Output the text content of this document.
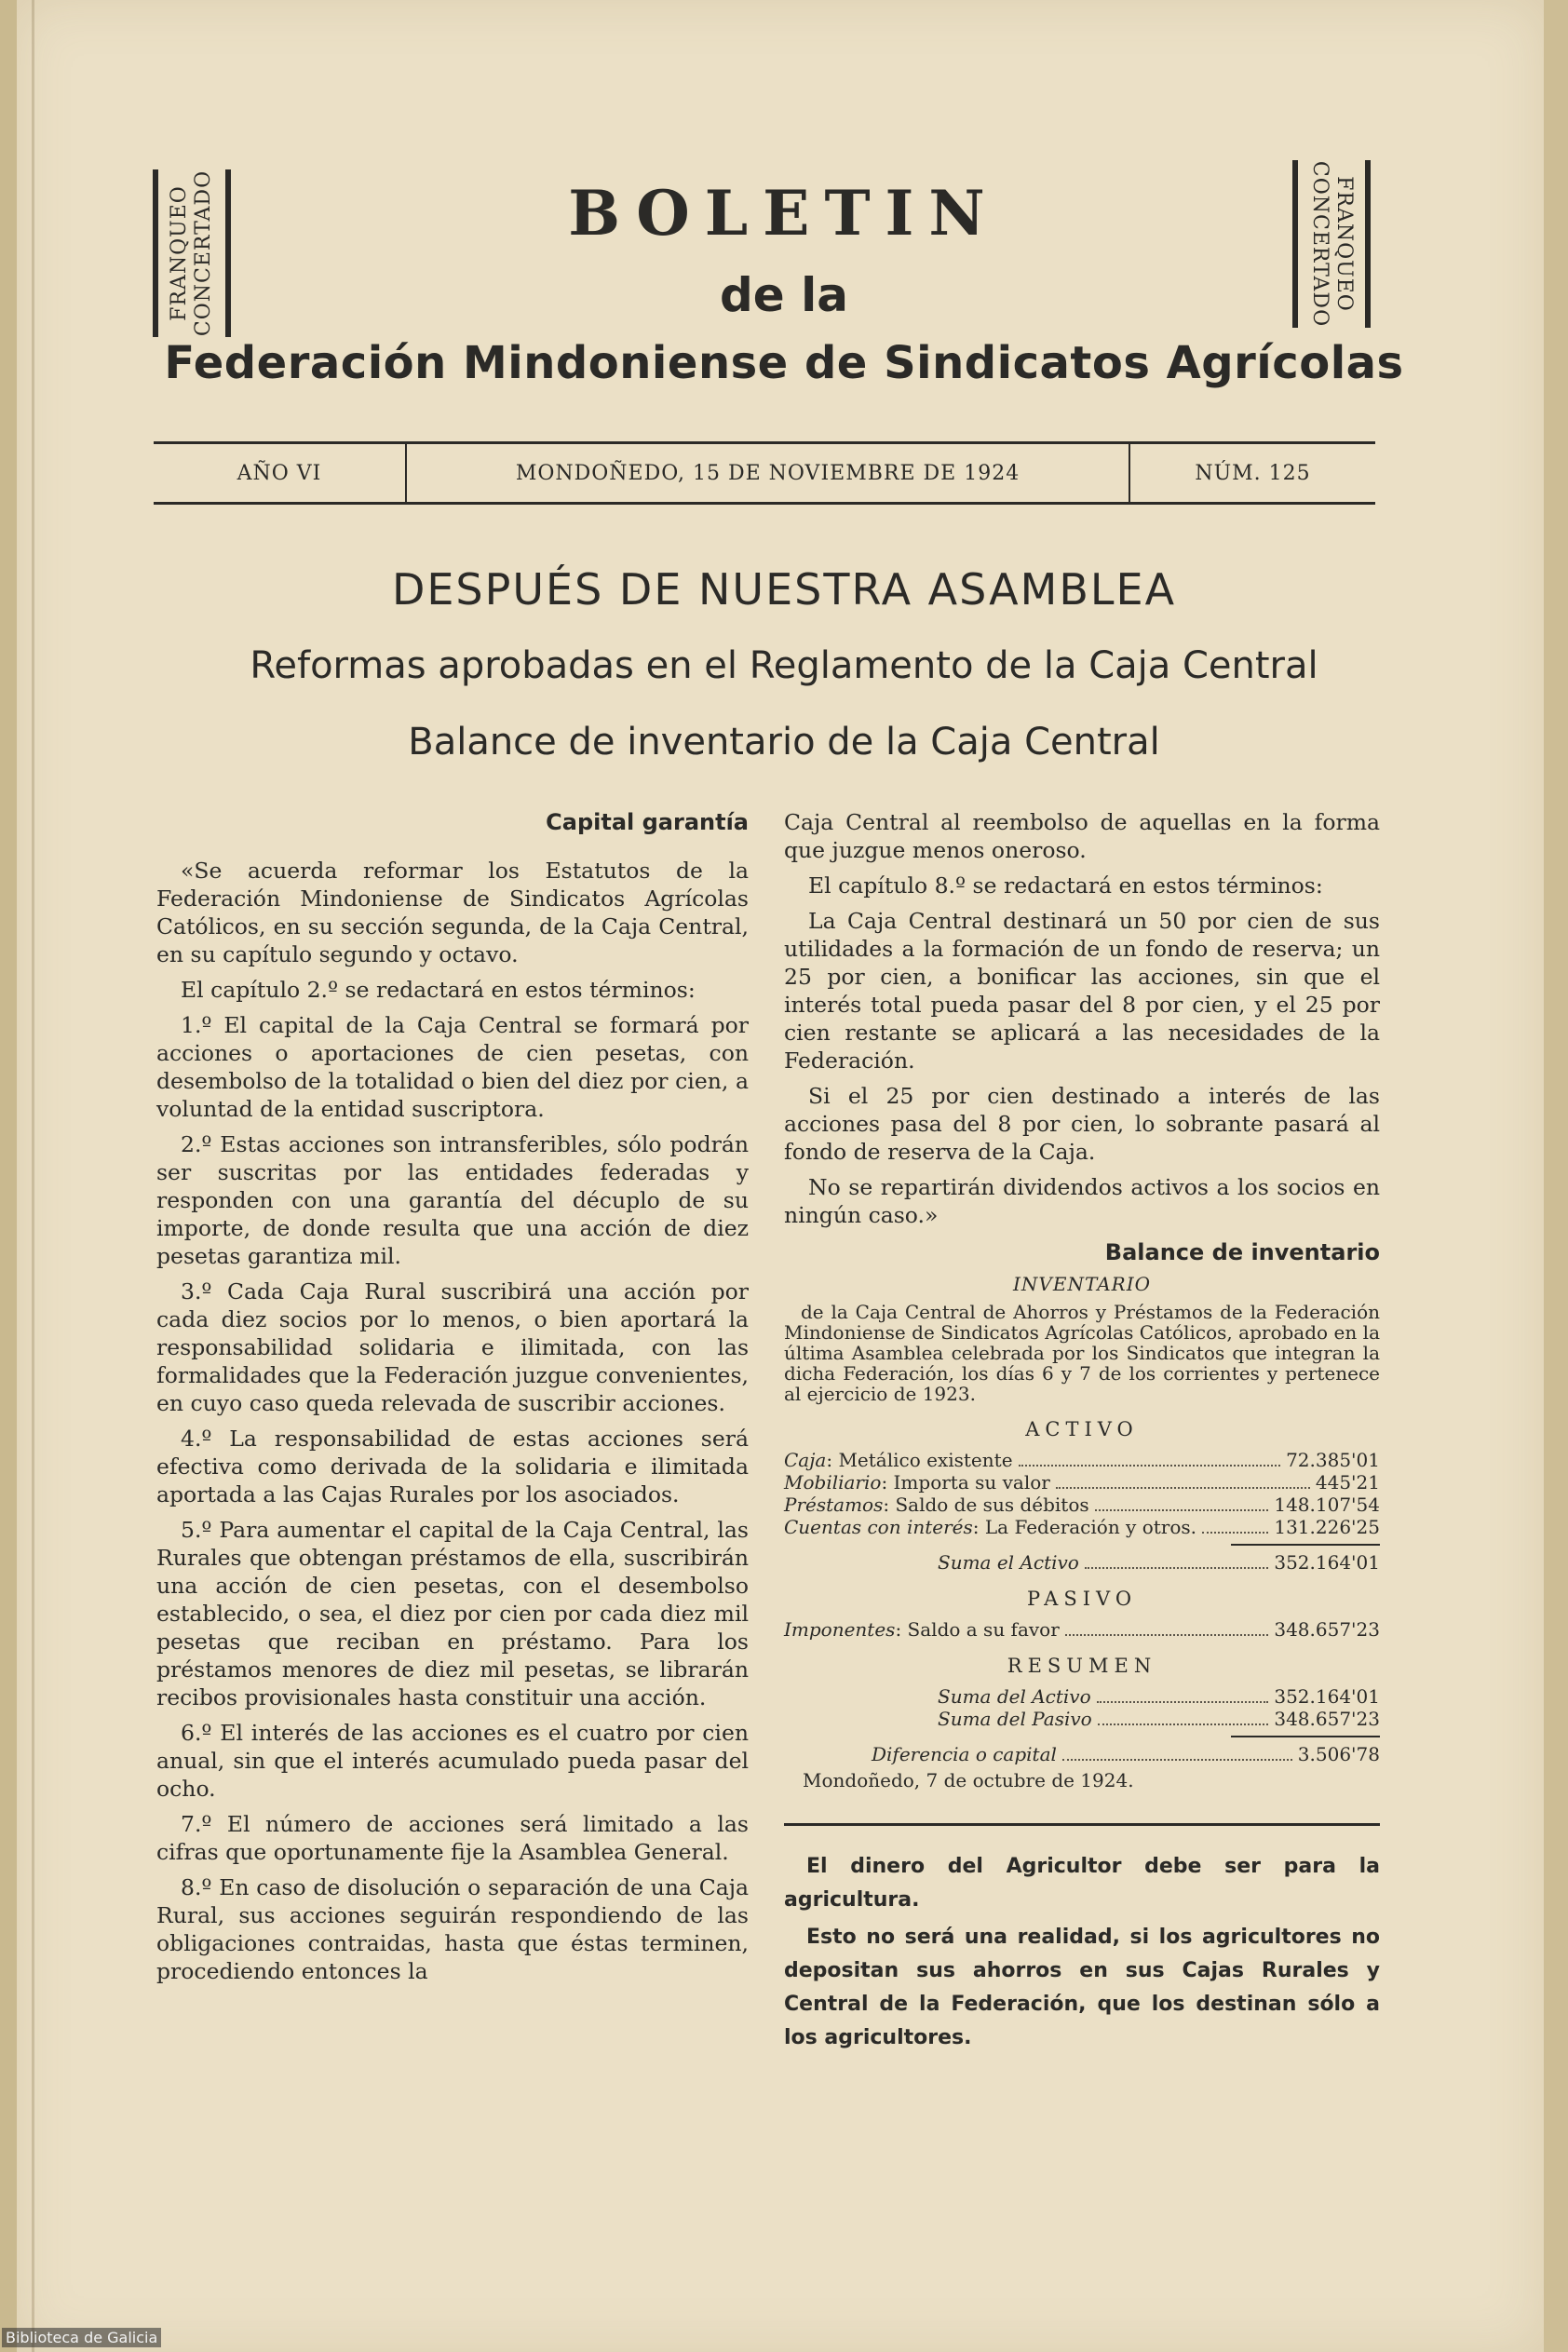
FRANQUEO CONCERTADO	FRANQUEO
CONCERTADO
BOLETIN
de la
Federación Mindoniense de Sindicatos Agrícolas
AÑO VI	MONDOÑEDO, 15 DE NOVIEMBRE DE 1924	NÚM. 125
DESPUÉS DE NUESTRA ASAMBLEA
Reformas aprobadas en el Reglamento de la Caja Central
Balance de inventario de la Caja Central
Capital garantía

«Se acuerda reformar los Estatutos de la Federación Mindoniense de Sindicatos Agrícolas Católicos, en su sección segunda, de la Caja Central, en su capítulo segundo y octavo.

El capítulo 2.º se redactará en estos términos:

1.º El capital de la Caja Central se formará por acciones o aportaciones de cien pesetas, con desembolso de la totalidad o bien del diez por cien, a voluntad de la entidad suscriptora.

2.º Estas acciones son intransferibles, sólo podrán ser suscritas por las entidades federadas y responden con una garantía del décuplo de su importe, de donde resulta que una acción de diez pesetas garantiza mil.

3.º Cada Caja Rural suscribirá una acción por cada diez socios por lo menos, o bien aportará la responsabilidad solidaria e ilimitada, con las formalidades que la Federación juzgue convenientes, en cuyo caso queda relevada de suscribir acciones.

4.º La responsabilidad de estas acciones será efectiva como derivada de la solidaria e ilimitada aportada a las Cajas Rurales por los asociados.

5.º Para aumentar el capital de la Caja Central, las Rurales que obtengan préstamos de ella, suscribirán una acción de cien pesetas, con el desembolso establecido, o sea, el diez por cien por cada diez mil pesetas que reciban en préstamo. Para los préstamos menores de diez mil pesetas, se librarán recibos provisionales hasta constituir una acción.

6.º El interés de las acciones es el cuatro por cien anual, sin que el interés acumulado pueda pasar del ocho.

7.º El número de acciones será limitado a las cifras que oportunamente fije la Asamblea General.

8.º En caso de disolución o separación de una Caja Rural, sus acciones seguirán respondiendo de las obligaciones contraidas, hasta que éstas terminen, procediendo entonces la

Caja Central al reembolso de aquellas en la forma que juzgue menos oneroso.

El capítulo 8.º se redactará en estos términos:

La Caja Central destinará un 50 por cien de sus utilidades a la formación de un fondo de reserva; un 25 por cien, a bonificar las acciones, sin que el interés total pueda pasar del 8 por cien, y el 25 por cien restante se aplicará a las necesidades de la Federación.

Si el 25 por cien destinado a interés de las acciones pasa del 8 por cien, lo sobrante pasará al fondo de reserva de la Caja.

No se repartirán dividendos activos a los socios en ningún caso.»

Balance de inventario
INVENTARIO
de la Caja Central de Ahorros y Préstamos de la Federación Mindoniense de Sindicatos Agrícolas Católicos, aprobado en la última Asamblea celebrada por los Sindicatos que integran la dicha Federación, los días 6 y 7 de los corrientes y pertenece al ejercicio de 1923.
ACTIVO
Caja: Metálico existente	72.385'01
Mobiliario: Importa su valor	445'21
Préstamos: Saldo de sus débitos	148.107'54
Cuentas con interés: La Federación y otros.	131.226'25
Suma el Activo	352.164'01
PASIVO
Imponentes: Saldo a su favor	348.657'23
RESUMEN
Suma del Activo	352.164'01
Suma del Pasivo	348.657'23
Diferencia o capital	3.506'78
Mondoñedo, 7 de octubre de 1924.

El dinero del Agricultor debe ser para la agricultura.

Esto no será una realidad, si los agricultores no depositan sus ahorros en sus Cajas Rurales y Central de la Federación, que los destinan sólo a los agricultores.

Biblioteca de Galicia
